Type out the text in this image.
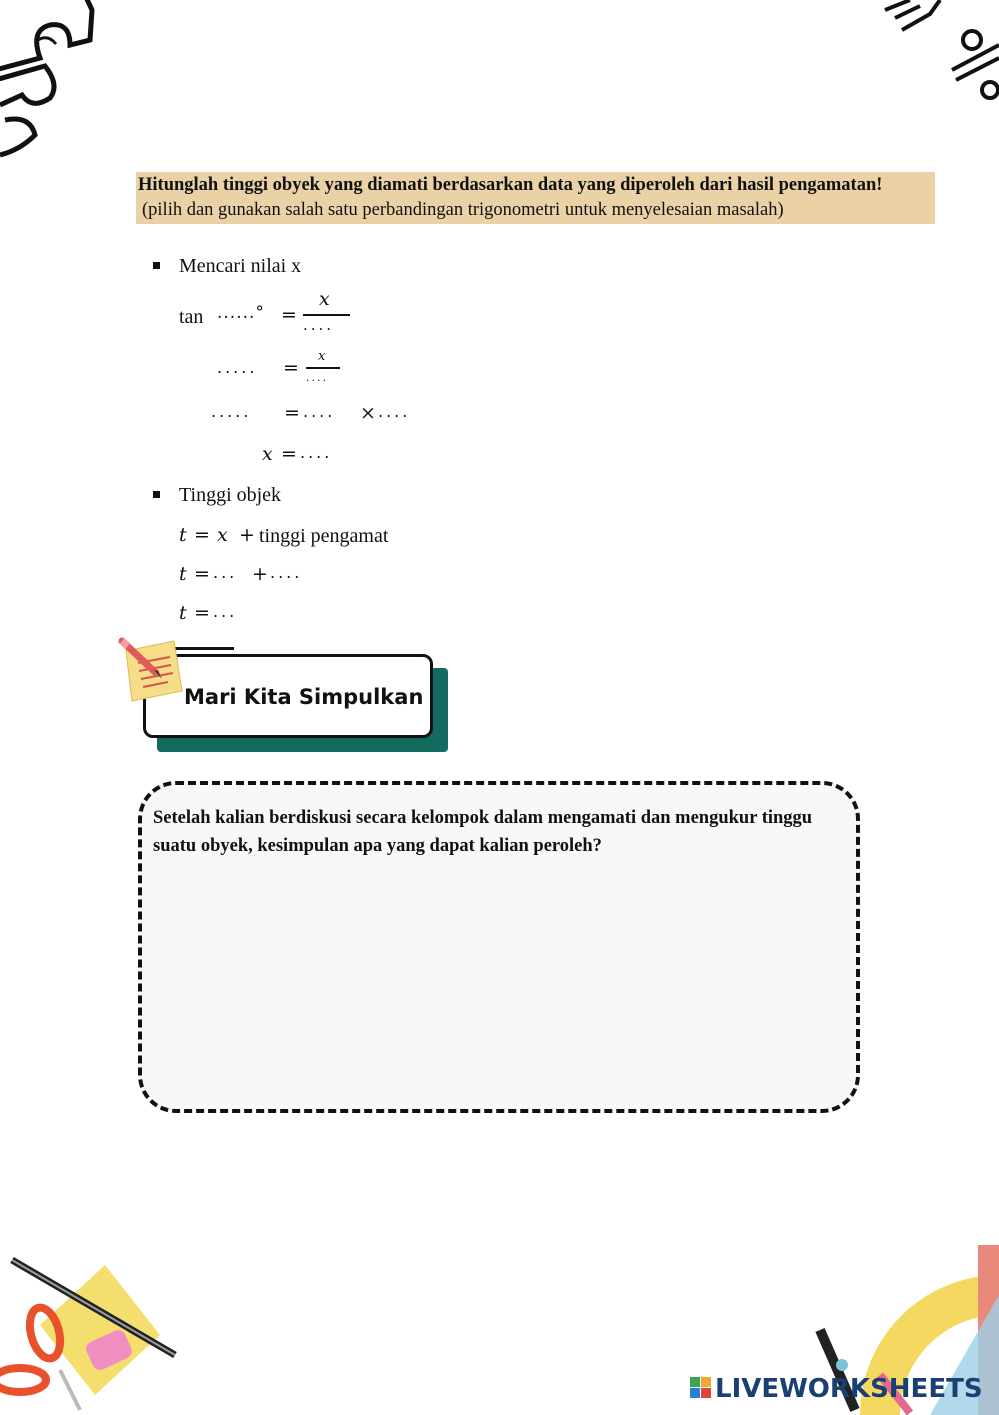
Hitunglah tinggi obyek yang diamati berdasarkan data yang diperoleh dari hasil pengamatan!
(pilih dan gunakan salah satu perbandingan trigonometri untuk menyelesaian masalah)
Mencari nilai x
tan ......° =
x
....
..... =
x
....
..... = .... × ....
x = ....
Tinggi objek
t = x + tinggi pengamat
t = ... + ....
t = ...
Mari Kita Simpulkan
Setelah kalian berdiskusi secara kelompok dalam mengamati dan mengukur tinggu suatu obyek, kesimpulan apa yang dapat kalian peroleh?
LIVEWORKSHEETS
